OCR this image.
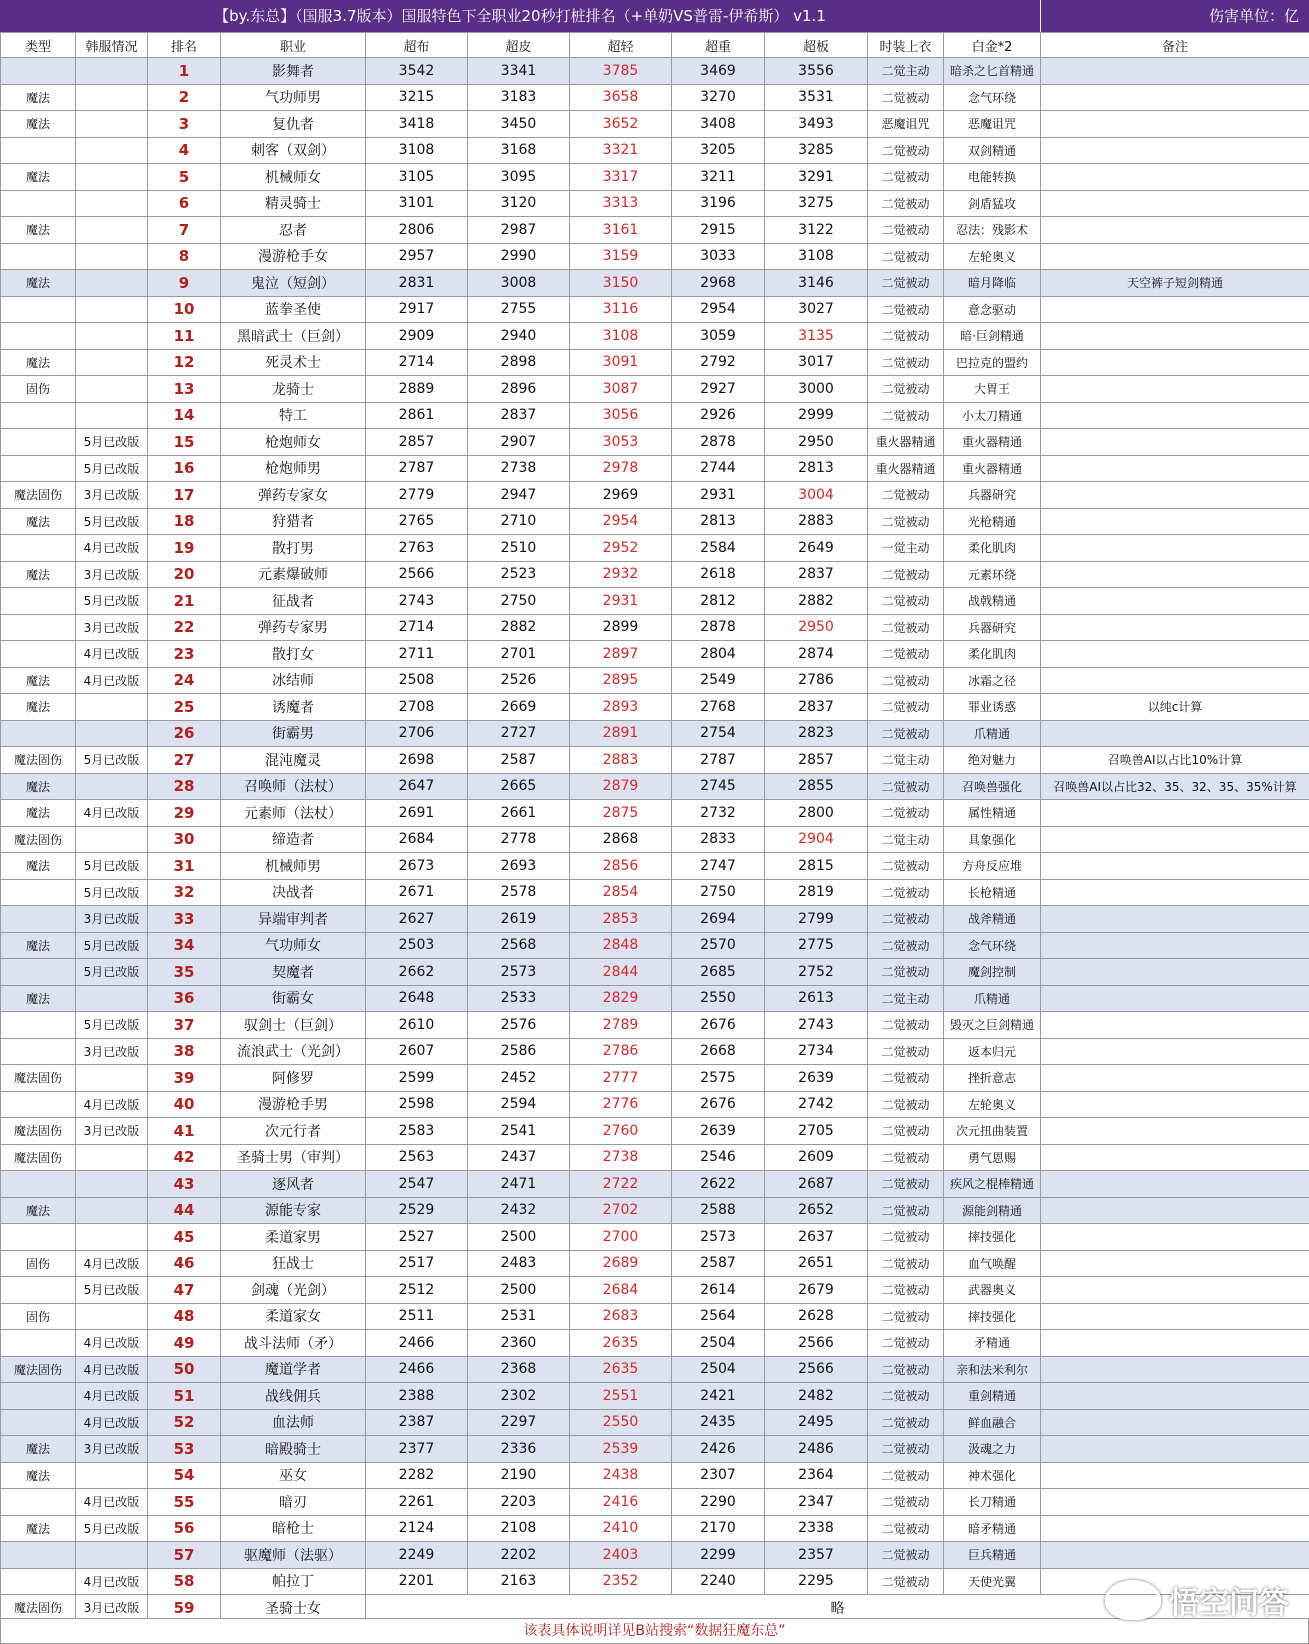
【by.东总】（国服3.7版本）国服特色下全职业20秒打桩排名（+单奶VS普雷-伊希斯） v1.1	伤害单位：亿
类型	韩服情况	排名	职业	超布	超皮	超轻	超重	超板	时装上衣	白金*2	备注
		1	影舞者	3542	3341	3785	3469	3556	二觉主动	暗杀之匕首精通	
魔法		2	气功师男	3215	3183	3658	3270	3531	二觉被动	念气环绕	
魔法		3	复仇者	3418	3450	3652	3408	3493	恶魔诅咒	恶魔诅咒	
		4	刺客（双剑）	3108	3168	3321	3205	3285	二觉被动	双剑精通	
魔法		5	机械师女	3105	3095	3317	3211	3291	二觉被动	电能转换	
		6	精灵骑士	3101	3120	3313	3196	3275	二觉被动	剑盾猛攻	
魔法		7	忍者	2806	2987	3161	2915	3122	二觉被动	忍法：残影术	
		8	漫游枪手女	2957	2990	3159	3033	3108	二觉被动	左轮奥义	
魔法		9	鬼泣（短剑）	2831	3008	3150	2968	3146	二觉被动	暗月降临	天空裤子短剑精通
		10	蓝拳圣使	2917	2755	3116	2954	3027	二觉被动	意念驱动	
		11	黑暗武士（巨剑）	2909	2940	3108	3059	3135	二觉被动	暗·巨剑精通	
魔法		12	死灵术士	2714	2898	3091	2792	3017	二觉被动	巴拉克的盟约	
固伤		13	龙骑士	2889	2896	3087	2927	3000	二觉被动	大胃王	
		14	特工	2861	2837	3056	2926	2999	二觉被动	小太刀精通	
	5月已改版	15	枪炮师女	2857	2907	3053	2878	2950	重火器精通	重火器精通	
	5月已改版	16	枪炮师男	2787	2738	2978	2744	2813	重火器精通	重火器精通	
魔法固伤	3月已改版	17	弹药专家女	2779	2947	2969	2931	3004	二觉被动	兵器研究	
魔法	5月已改版	18	狩猎者	2765	2710	2954	2813	2883	二觉被动	光枪精通	
	4月已改版	19	散打男	2763	2510	2952	2584	2649	一觉主动	柔化肌肉	
魔法	3月已改版	20	元素爆破师	2566	2523	2932	2618	2837	二觉被动	元素环绕	
	5月已改版	21	征战者	2743	2750	2931	2812	2882	二觉被动	战戟精通	
	3月已改版	22	弹药专家男	2714	2882	2899	2878	2950	二觉被动	兵器研究	
	4月已改版	23	散打女	2711	2701	2897	2804	2874	二觉被动	柔化肌肉	
魔法	4月已改版	24	冰结师	2508	2526	2895	2549	2786	二觉被动	冰霜之径	
魔法		25	诱魔者	2708	2669	2893	2768	2837	二觉被动	罪业诱惑	以纯c计算
		26	街霸男	2706	2727	2891	2754	2823	二觉被动	爪精通	
魔法固伤	5月已改版	27	混沌魔灵	2698	2587	2883	2787	2857	二觉主动	绝对魅力	召唤兽AI以占比10%计算
魔法		28	召唤师（法杖）	2647	2665	2879	2745	2855	二觉被动	召唤兽强化	召唤兽AI以占比32、35、32、35、35%计算
魔法	4月已改版	29	元素师（法杖）	2691	2661	2875	2732	2800	二觉被动	属性精通	
魔法固伤		30	缔造者	2684	2778	2868	2833	2904	二觉主动	具象强化	
魔法	5月已改版	31	机械师男	2673	2693	2856	2747	2815	二觉被动	方舟反应堆	
	5月已改版	32	决战者	2671	2578	2854	2750	2819	二觉被动	长枪精通	
	3月已改版	33	异端审判者	2627	2619	2853	2694	2799	二觉被动	战斧精通	
魔法	5月已改版	34	气功师女	2503	2568	2848	2570	2775	二觉被动	念气环绕	
	5月已改版	35	契魔者	2662	2573	2844	2685	2752	二觉被动	魔剑控制	
魔法		36	街霸女	2648	2533	2829	2550	2613	二觉主动	爪精通	
	5月已改版	37	驭剑士（巨剑）	2610	2576	2789	2676	2743	二觉被动	毁灭之巨剑精通	
	3月已改版	38	流浪武士（光剑）	2607	2586	2786	2668	2734	二觉被动	返本归元	
魔法固伤		39	阿修罗	2599	2452	2777	2575	2639	二觉被动	挫折意志	
	4月已改版	40	漫游枪手男	2598	2594	2776	2676	2742	二觉被动	左轮奥义	
魔法固伤	3月已改版	41	次元行者	2583	2541	2760	2639	2705	二觉被动	次元扭曲装置	
魔法固伤		42	圣骑士男（审判）	2563	2437	2738	2546	2609	二觉被动	勇气恩赐	
		43	逐风者	2547	2471	2722	2622	2687	二觉被动	疾风之棍棒精通	
魔法		44	源能专家	2529	2432	2702	2588	2652	二觉被动	源能剑精通	
		45	柔道家男	2527	2500	2700	2573	2637	二觉被动	摔技强化	
固伤	4月已改版	46	狂战士	2517	2483	2689	2587	2651	二觉被动	血气唤醒	
	5月已改版	47	剑魂（光剑）	2512	2500	2684	2614	2679	二觉被动	武器奥义	
固伤		48	柔道家女	2511	2531	2683	2564	2628	二觉被动	摔技强化	
	4月已改版	49	战斗法师（矛）	2466	2360	2635	2504	2566	二觉被动	矛精通	
魔法固伤	4月已改版	50	魔道学者	2466	2368	2635	2504	2566	二觉被动	亲和法米利尔	
	4月已改版	51	战线佣兵	2388	2302	2551	2421	2482	二觉被动	重剑精通	
	4月已改版	52	血法师	2387	2297	2550	2435	2495	二觉被动	鲜血融合	
魔法	3月已改版	53	暗殿骑士	2377	2336	2539	2426	2486	二觉被动	汲魂之力	
魔法		54	巫女	2282	2190	2438	2307	2364	二觉被动	神术强化	
	4月已改版	55	暗刃	2261	2203	2416	2290	2347	二觉被动	长刀精通	
魔法	5月已改版	56	暗枪士	2124	2108	2410	2170	2338	二觉被动	暗矛精通	
		57	驱魔师（法驱）	2249	2202	2403	2299	2357	二觉被动	巨兵精通	
	4月已改版	58	帕拉丁	2201	2163	2352	2240	2295	二觉被动	天使光翼	
魔法固伤	3月已改版	59	圣骑士女	略							
该表具体说明详见B站搜索“数据狂魔东总”
悟空问答
